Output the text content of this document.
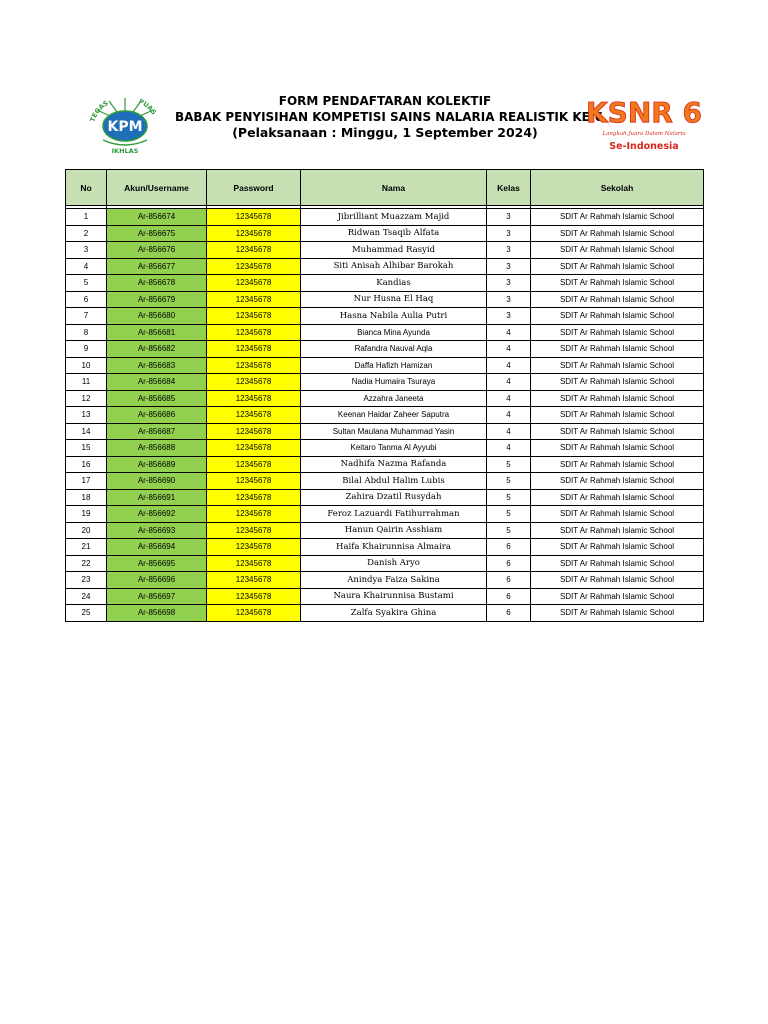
TEGAS	PUAS
KPM
IKHLAS
FORM PENDAFTARAN KOLEKTIF
BABAK PENYISIHAN KOMPETISI SAINS NALARIA REALISTIK KE-6
(Pelaksanaan : Minggu, 1 September 2024)
KSNR 6
Langkah Juara Dalam Nalaria
Se-Indonesia
No	Akun/Username	Password	Nama	Kelas	Sekolah

1	Ar-856674	12345678	Jibrilliant Muazzam Majid	3	SDIT Ar Rahmah Islamic School
2	Ar-856675	12345678	Ridwan Tsaqib Alfata	3	SDIT Ar Rahmah Islamic School
3	Ar-856676	12345678	Muhammad Rasyid	3	SDIT Ar Rahmah Islamic School
4	Ar-856677	12345678	Siti Anisah Alhibar Barokah	3	SDIT Ar Rahmah Islamic School
5	Ar-856678	12345678	Kandias	3	SDIT Ar Rahmah Islamic School
6	Ar-856679	12345678	Nur Husna El Haq	3	SDIT Ar Rahmah Islamic School
7	Ar-856680	12345678	Hasna Nabila Aulia Putri	3	SDIT Ar Rahmah Islamic School
8	Ar-856681	12345678	Bianca Mina Ayunda	4	SDIT Ar Rahmah Islamic School
9	Ar-856682	12345678	Rafandra Nauval Aqla	4	SDIT Ar Rahmah Islamic School
10	Ar-856683	12345678	Daffa Hafizh Hamizan	4	SDIT Ar Rahmah Islamic School
11	Ar-856684	12345678	Nadia Humaira Tsuraya	4	SDIT Ar Rahmah Islamic School
12	Ar-856685	12345678	Azzahra Janeeta	4	SDIT Ar Rahmah Islamic School
13	Ar-856686	12345678	Keenan Haidar Zaheer Saputra	4	SDIT Ar Rahmah Islamic School
14	Ar-856687	12345678	Sultan Maulana Muhammad Yasin	4	SDIT Ar Rahmah Islamic School
15	Ar-856688	12345678	Keitaro Tanma Al Ayyubi	4	SDIT Ar Rahmah Islamic School
16	Ar-856689	12345678	Nadhifa Nazma Rafanda	5	SDIT Ar Rahmah Islamic School
17	Ar-856690	12345678	Bilal Abdul Halim Lubis	5	SDIT Ar Rahmah Islamic School
18	Ar-856691	12345678	Zahira Dzatil Rusydah	5	SDIT Ar Rahmah Islamic School
19	Ar-856692	12345678	Feroz Lazuardi Fatihurrahman	5	SDIT Ar Rahmah Islamic School
20	Ar-856693	12345678	Hanun Qairin Asshiam	5	SDIT Ar Rahmah Islamic School
21	Ar-856694	12345678	Haifa Khairunnisa Almaira	6	SDIT Ar Rahmah Islamic School
22	Ar-856695	12345678	Danish Aryo	6	SDIT Ar Rahmah Islamic School
23	Ar-856696	12345678	Anindya Faiza Sakina	6	SDIT Ar Rahmah Islamic School
24	Ar-856697	12345678	Naura Khairunnisa Bustami	6	SDIT Ar Rahmah Islamic School
25	Ar-856698	12345678	Zalfa Syakira Ghina	6	SDIT Ar Rahmah Islamic School
